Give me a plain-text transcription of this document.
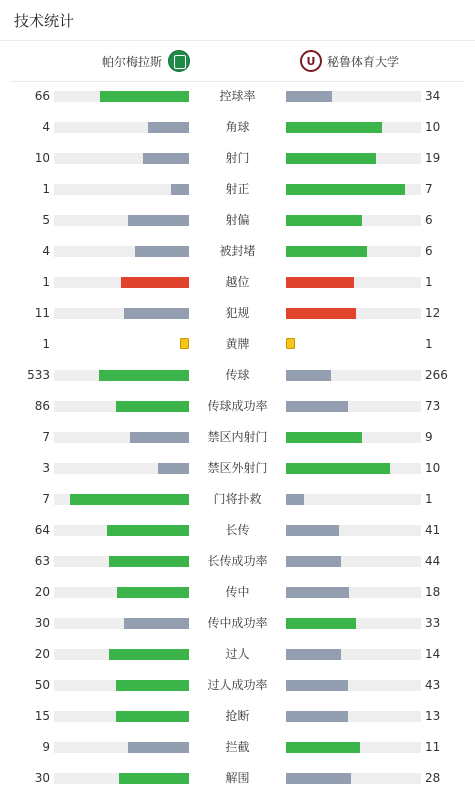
技术统计
帕尔梅拉斯	U 秘鲁体育大学
66	控球率	34
4	角球	10
10	射门	19
1	射正	7
5	射偏	6
4	被封堵	6
1	越位	1
11	犯规	12
1	黄牌	1
533	传球	266
86	传球成功率	73
7	禁区内射门	9
3	禁区外射门	10
7	门将扑救	1
64	长传	41
63	长传成功率	44
20	传中	18
30	传中成功率	33
20	过人	14
50	过人成功率	43
15	抢断	13
9	拦截	11
30	解围	28
